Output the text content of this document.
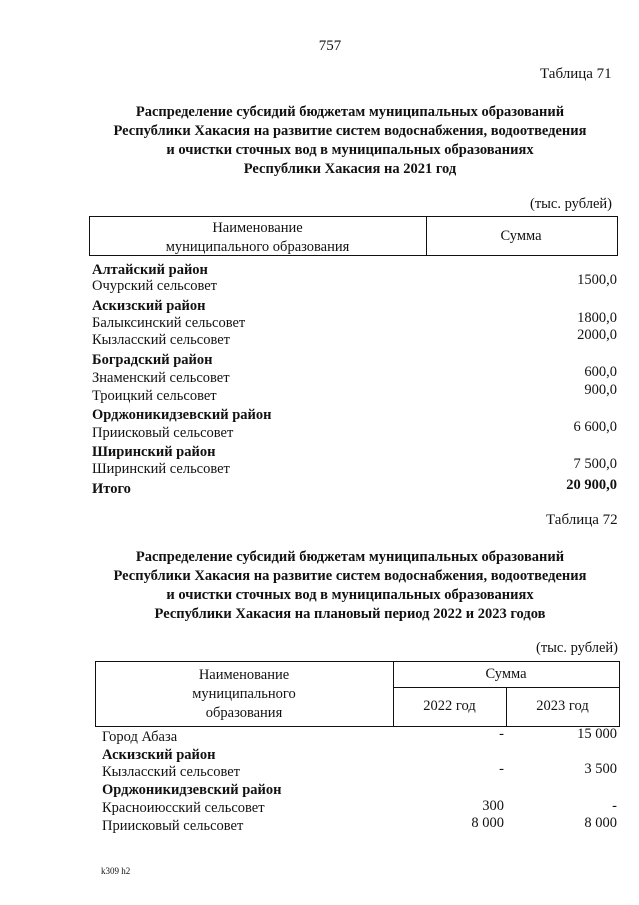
757
Таблица 71
Распределение субсидий бюджетам муниципальных образований
Республики Хакасия на развитие систем водоснабжения, водоотведения
и очистки сточных вод в муниципальных образованиях
Республики Хакасия на 2021 год
(тыс. рублей)
Наименование
муниципального образования
Сумма
Алтайский район
Очурский сельсовет	1500,0
Аскизский район
Балыксинский сельсовет	1800,0
Кызласский сельсовет	2000,0
Боградский район
Знаменский сельсовет	600,0
Троицкий сельсовет	900,0
Орджоникидзевский район
Приисковый сельсовет	6 600,0
Ширинский район
Ширинский сельсовет	7 500,0
Итого	20 900,0
Таблица 72
Распределение субсидий бюджетам муниципальных образований
Республики Хакасия на развитие систем водоснабжения, водоотведения
и очистки сточных вод в муниципальных образованиях
Республики Хакасия на плановый период 2022 и 2023 годов
(тыс. рублей)
Наименование
муниципального
образования
Сумма
2022 год	2023 год
Город Абаза	-	15 000
Аскизский район
Кызласский сельсовет	-	3 500
Орджоникидзевский район
Красноиюсский сельсовет	300	-
Приисковый сельсовет	8 000	8 000
k309 h2
